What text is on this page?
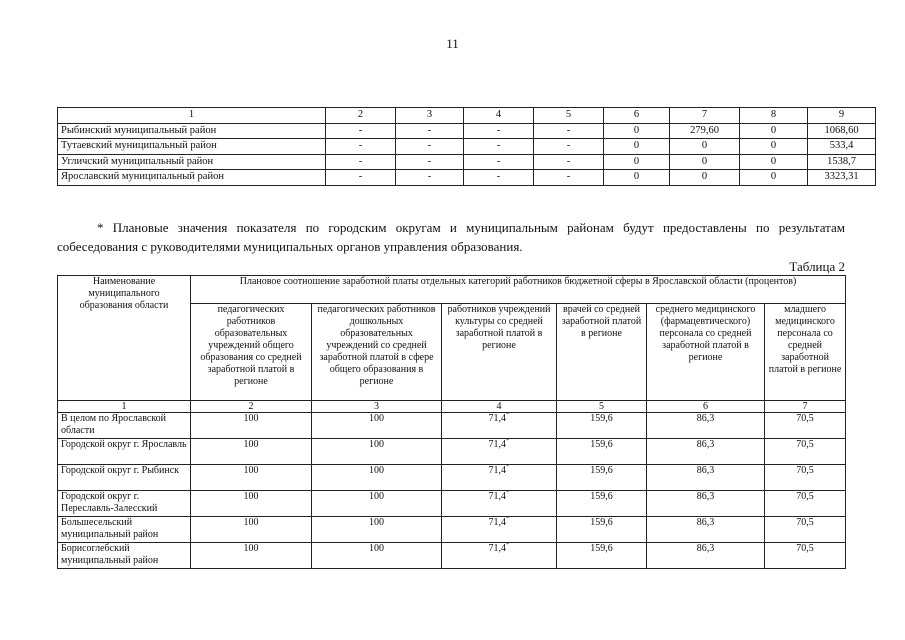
11
1	2	3	4	5	6	7	8	9
Рыбинский муниципальный район	-	-	-	-	0	279,60	0	1068,60
Тутаевский муниципальный район	-	-	-	-	0	0	0	533,4
Угличский муниципальный район	-	-	-	-	0	0	0	1538,7
Ярославский муниципальный район	-	-	-	-	0	0	0	3323,31

* Плановые значения показателя по городским округам и муниципальным районам будут предоставлены по результатам собеседования с руководителями муниципальных органов управления образования.

Таблица 2
Наименование муниципального образования области	Плановое соотношение заработной платы отдельных категорий работников бюджетной сферы в Ярославской области (процентов)					
	педагогических работников образовательных учреждений общего образования со средней заработной платой в регионе	педагогических работников дошкольных образовательных учреждений со средней заработной платой в сфере общего образования в регионе	работников учреждений культуры со средней заработной платой в регионе	врачей со средней заработной платой в регионе	среднего медицинского (фармацевтического) персонала со средней заработной платой в регионе	младшего медицинского персонала со средней заработной платой в регионе
1	2	3	4	5	6	7
В целом по Ярославской области	100	100	71,4*	159,6	86,3	70,5
Городской округ г. Ярославль	100	100	71,4*	159,6	86,3	70,5
Городской округ г. Рыбинск	100	100	71,4*	159,6	86,3	70,5
Городской округ г. Переславль-Залесский	100	100	71,4*	159,6	86,3	70,5
Большесельский муниципальный район	100	100	71,4*	159,6	86,3	70,5
Борисоглебский муниципальный район	100	100	71,4*	159,6	86,3	70,5
